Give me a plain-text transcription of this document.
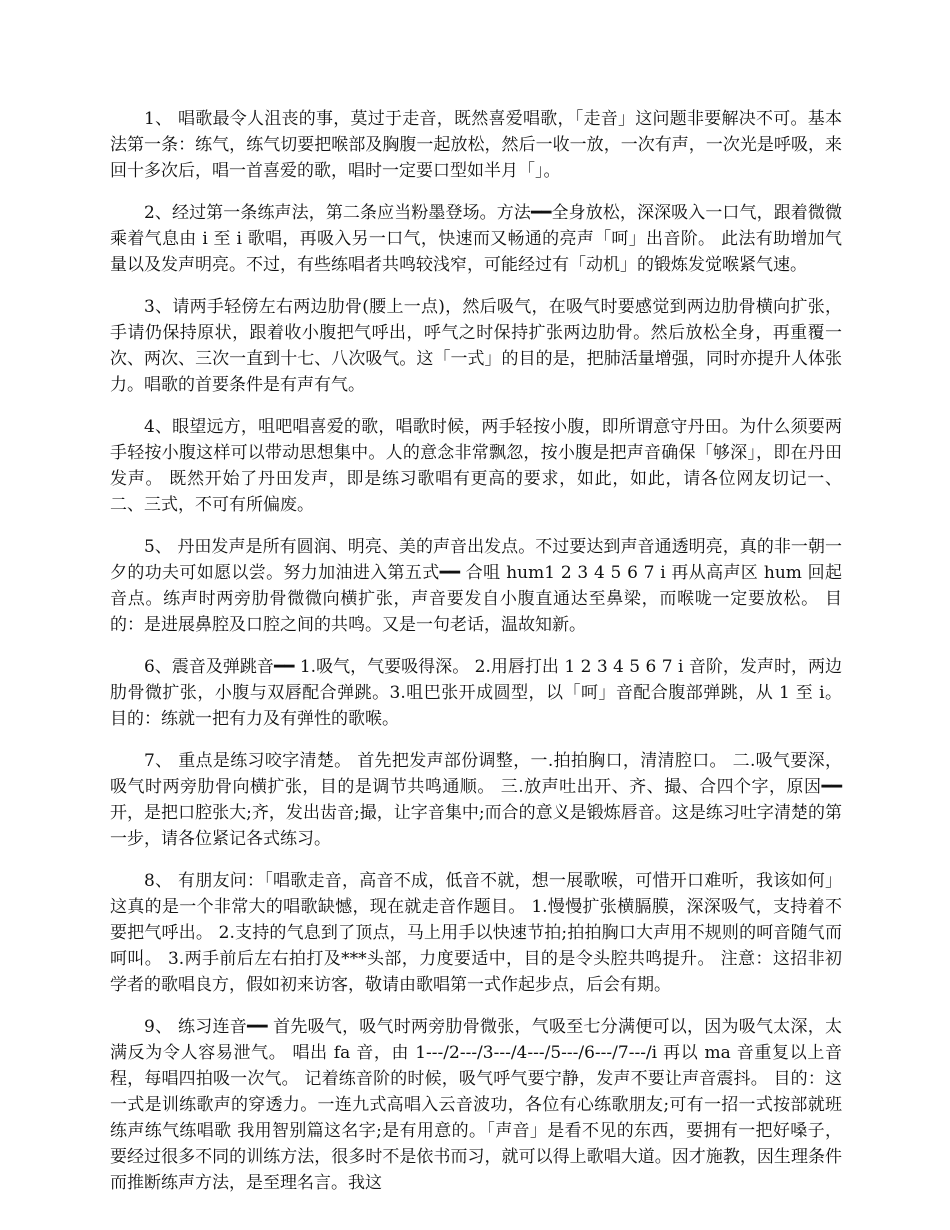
1、 唱歌最令人沮丧的事，莫过于走音，既然喜爱唱歌，「走音」这问题非要解决不可。基本法第一条：练气，练气切要把喉部及胸腹一起放松，然后一收一放，一次有声，一次光是呼吸，来回十多次后，唱一首喜爱的歌，唱时一定要口型如半月「」。

2、经过第一条练声法，第二条应当粉墨登场。方法━━全身放松，深深吸入一口气，跟着微微乘着气息由 i 至 i 歌唱，再吸入另一口气，快速而又畅通的亮声「呵」出音阶。 此法有助增加气量以及发声明亮。不过，有些练唱者共鸣较浅窄，可能经过有「动机」的锻炼发觉喉紧气速。

3、请两手轻傍左右两边肋骨(腰上一点)，然后吸气，在吸气时要感觉到两边肋骨横向扩张，手请仍保持原状，跟着收小腹把气呼出，呼气之时保持扩张两边肋骨。然后放松全身，再重覆一次、两次、三次一直到十七、八次吸气。这「一式」的目的是，把肺活量增强，同时亦提升人体张力。唱歌的首要条件是有声有气。

4、眼望远方，咀吧唱喜爱的歌，唱歌时候，两手轻按小腹，即所谓意守丹田。为什么须要两手轻按小腹这样可以带动思想集中。人的意念非常飘忽，按小腹是把声音确保「够深」，即在丹田发声。 既然开始了丹田发声，即是练习歌唱有更高的要求，如此，如此，请各位网友切记一、二、三式，不可有所偏废。

5、 丹田发声是所有圆润、明亮、美的声音出发点。不过要达到声音通透明亮，真的非一朝一夕的功夫可如愿以尝。努力加油进入第五式━━ 合咀 hum1 2 3 4 5 6 7 i 再从高声区 hum 回起音点。练声时两旁肋骨微微向横扩张，声音要发自小腹直通达至鼻梁，而喉咙一定要放松。 目的：是进展鼻腔及口腔之间的共鸣。又是一句老话，温故知新。

6、震音及弹跳音━━ 1.吸气，气要吸得深。 2.用唇打出 1 2 3 4 5 6 7 i 音阶，发声时，两边肋骨微扩张，小腹与双唇配合弹跳。3.咀巴张开成圆型，以「呵」音配合腹部弹跳，从 1 至 i。 目的：练就一把有力及有弹性的歌喉。

7、 重点是练习咬字清楚。 首先把发声部份调整，一.拍拍胸口，清清腔口。 二.吸气要深，吸气时两旁肋骨向横扩张，目的是调节共鸣通顺。 三.放声吐出开、齐、撮、合四个字，原因━━开，是把口腔张大;齐，发出齿音;撮，让字音集中;而合的意义是锻炼唇音。这是练习吐字清楚的第一步，请各位紧记各式练习。

8、 有朋友问：「唱歌走音，高音不成，低音不就，想一展歌喉，可惜开口难听，我该如何」这真的是一个非常大的唱歌缺憾，现在就走音作题目。 1.慢慢扩张横膈膜，深深吸气，支持着不要把气呼出。 2.支持的气息到了顶点，马上用手以快速节拍;拍拍胸口大声用不规则的呵音随气而呵叫。 3.两手前后左右拍打及***头部，力度要适中，目的是令头腔共鸣提升。 注意：这招非初学者的歌唱良方，假如初来访客，敬请由歌唱第一式作起步点，后会有期。

9、 练习连音━━ 首先吸气，吸气时两旁肋骨微张，气吸至七分满便可以，因为吸气太深，太满反为令人容易泄气。 唱出 fa 音，由 1---/2---/3---/4---/5---/6---/7---/i 再以 ma 音重复以上音程，每唱四拍吸一次气。 记着练音阶的时候，吸气呼气要宁静，发声不要让声音震抖。 目的：这一式是训练歌声的穿透力。一连九式高唱入云音波功，各位有心练歌朋友;可有一招一式按部就班练声练气练唱歌 我用智别篇这名字;是有用意的。「声音」是看不见的东西，要拥有一把好嗓子，要经过很多不同的训练方法，很多时不是依书而习，就可以得上歌唱大道。因才施教，因生理条件而推断练声方法，是至理名言。我这
